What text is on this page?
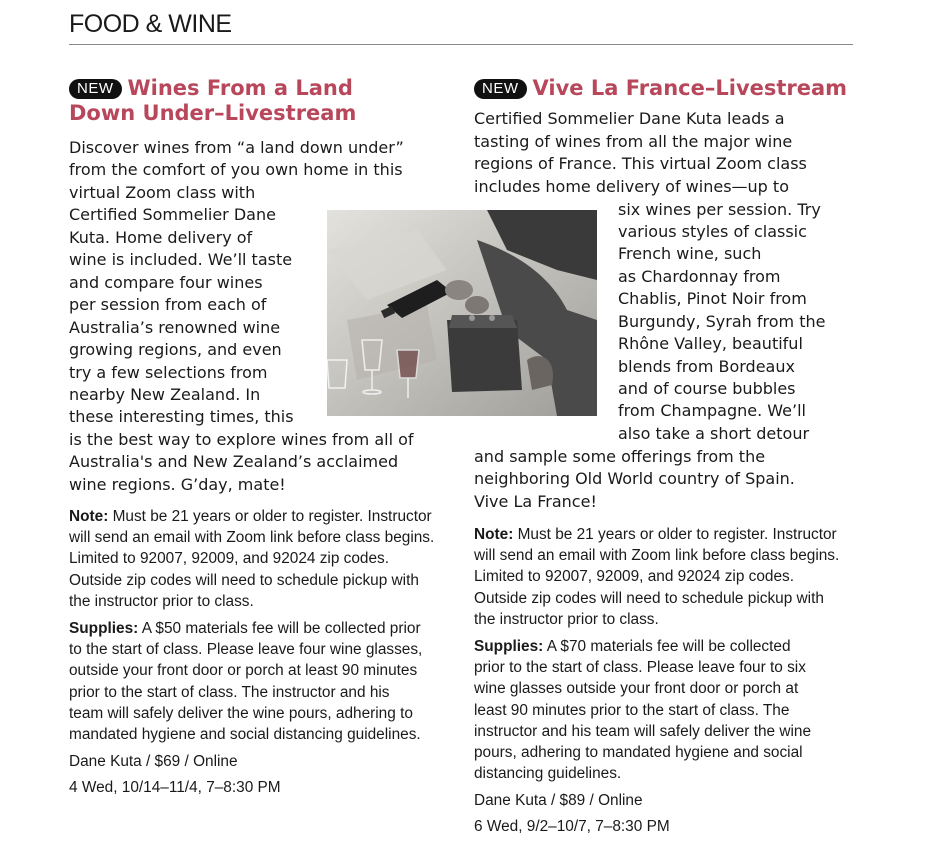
FOOD & WINE
NEW Wines From a Land
Down Under–Livestream
Discover wines from “a land down under”
from the comfort of you own home in this
virtual Zoom class with
Certified Sommelier Dane
Kuta. Home delivery of
wine is included. We’ll taste
and compare four wines
per session from each of
Australia’s renowned wine
growing regions, and even
try a few selections from
nearby New Zealand. In
these interesting times, this
is the best way to explore wines from all of
Australia's and New Zealand’s acclaimed
wine regions. G’day, mate!
Note: Must be 21 years or older to register. Instructor
will send an email with Zoom link before class begins.
Limited to 92007, 92009, and 92024 zip codes.
Outside zip codes will need to schedule pickup with
the instructor prior to class.
Supplies: A $50 materials fee will be collected prior
to the start of class. Please leave four wine glasses,
outside your front door or porch at least 90 minutes
prior to the start of class. The instructor and his
team will safely deliver the wine pours, adhering to
mandated hygiene and social distancing guidelines.
Dane Kuta / $69 / Online
4 Wed, 10/14–11/4, 7–8:30 PM
NEW Vive La France–Livestream
Certified Sommelier Dane Kuta leads a
tasting of wines from all the major wine
regions of France. This virtual Zoom class
includes home delivery of wines—up to
six wines per session. Try
various styles of classic
French wine, such
as Chardonnay from
Chablis, Pinot Noir from
Burgundy, Syrah from the
Rhône Valley, beautiful
blends from Bordeaux
and of course bubbles
from Champagne. We’ll
also take a short detour
and sample some offerings from the
neighboring Old World country of Spain.
Vive La France!
Note: Must be 21 years or older to register. Instructor
will send an email with Zoom link before class begins.
Limited to 92007, 92009, and 92024 zip codes.
Outside zip codes will need to schedule pickup with
the instructor prior to class.
Supplies: A $70 materials fee will be collected
prior to the start of class. Please leave four to six
wine glasses outside your front door or porch at
least 90 minutes prior to the start of class. The
instructor and his team will safely deliver the wine
pours, adhering to mandated hygiene and social
distancing guidelines.
Dane Kuta / $89 / Online
6 Wed, 9/2–10/7, 7–8:30 PM
